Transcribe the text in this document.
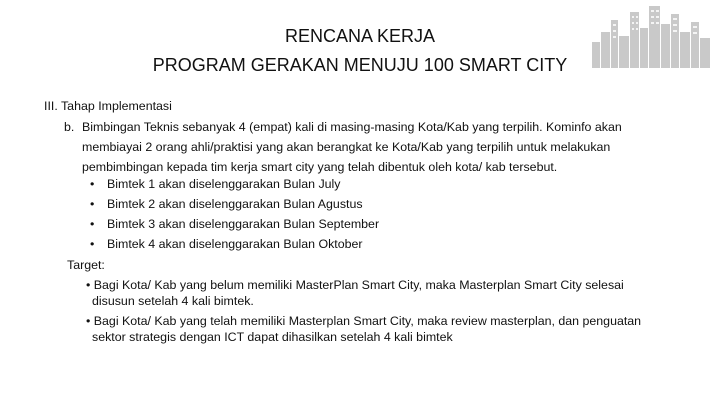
RENCANA KERJA
PROGRAM GERAKAN MENUJU 100 SMART CITY
III. Tahap Implementasi
b. Bimbingan Teknis sebanyak 4 (empat) kali di masing-masing Kota/Kab yang terpilih. Kominfo akan
membiayai 2 orang ahli/praktisi yang akan berangkat ke Kota/Kab yang terpilih untuk melakukan
pembimbingan kepada tim kerja smart city yang telah dibentuk oleh kota/ kab tersebut.
• Bimtek 1 akan diselenggarakan Bulan July
• Bimtek 2 akan diselenggarakan Bulan Agustus
• Bimtek 3 akan diselenggarakan Bulan September
• Bimtek 4 akan diselenggarakan Bulan Oktober
Target:
• Bagi Kota/ Kab yang belum memiliki MasterPlan Smart City, maka Masterplan Smart City selesai
disusun setelah 4 kali bimtek.
• Bagi Kota/ Kab yang telah memiliki Masterplan Smart City, maka review masterplan, dan penguatan
sektor strategis dengan ICT dapat dihasilkan setelah 4 kali bimtek
